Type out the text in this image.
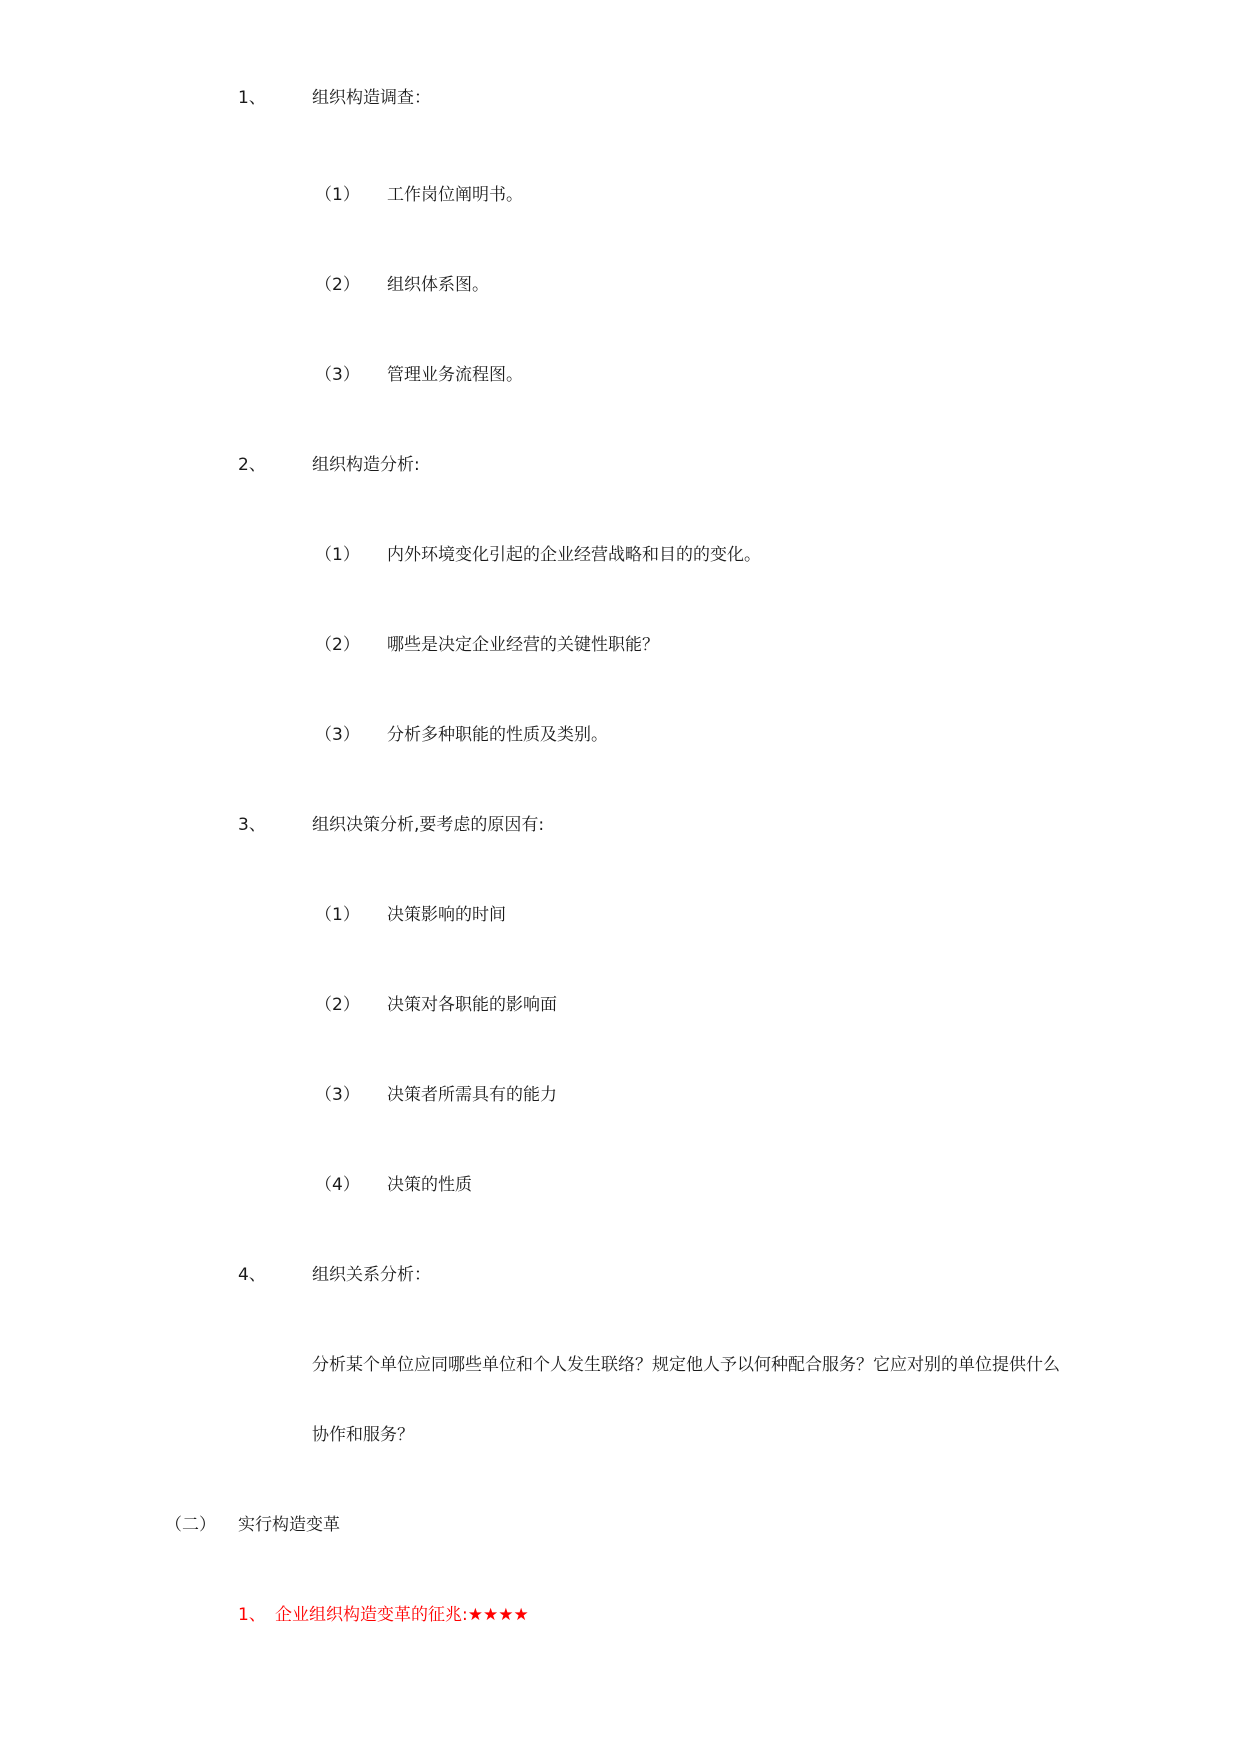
1、	组织构造调查：
（1） 工作岗位阐明书。
（2） 组织体系图。
（3） 管理业务流程图。
2、	组织构造分析:
（1） 内外环境变化引起的企业经营战略和目的的变化。
（2） 哪些是决定企业经营的关键性职能？
（3） 分析多种职能的性质及类别。
3、	组织决策分析,要考虑的原因有:
（1） 决策影响的时间
（2） 决策对各职能的影响面
（3） 决策者所需具有的能力
（4） 决策的性质
4、	组织关系分析：
分析某个单位应同哪些单位和个人发生联络？规定他人予以何种配合服务？它应对别的单位提供什么
协作和服务？
（二） 实行构造变革
1、 企业组织构造变革的征兆:★★★★
